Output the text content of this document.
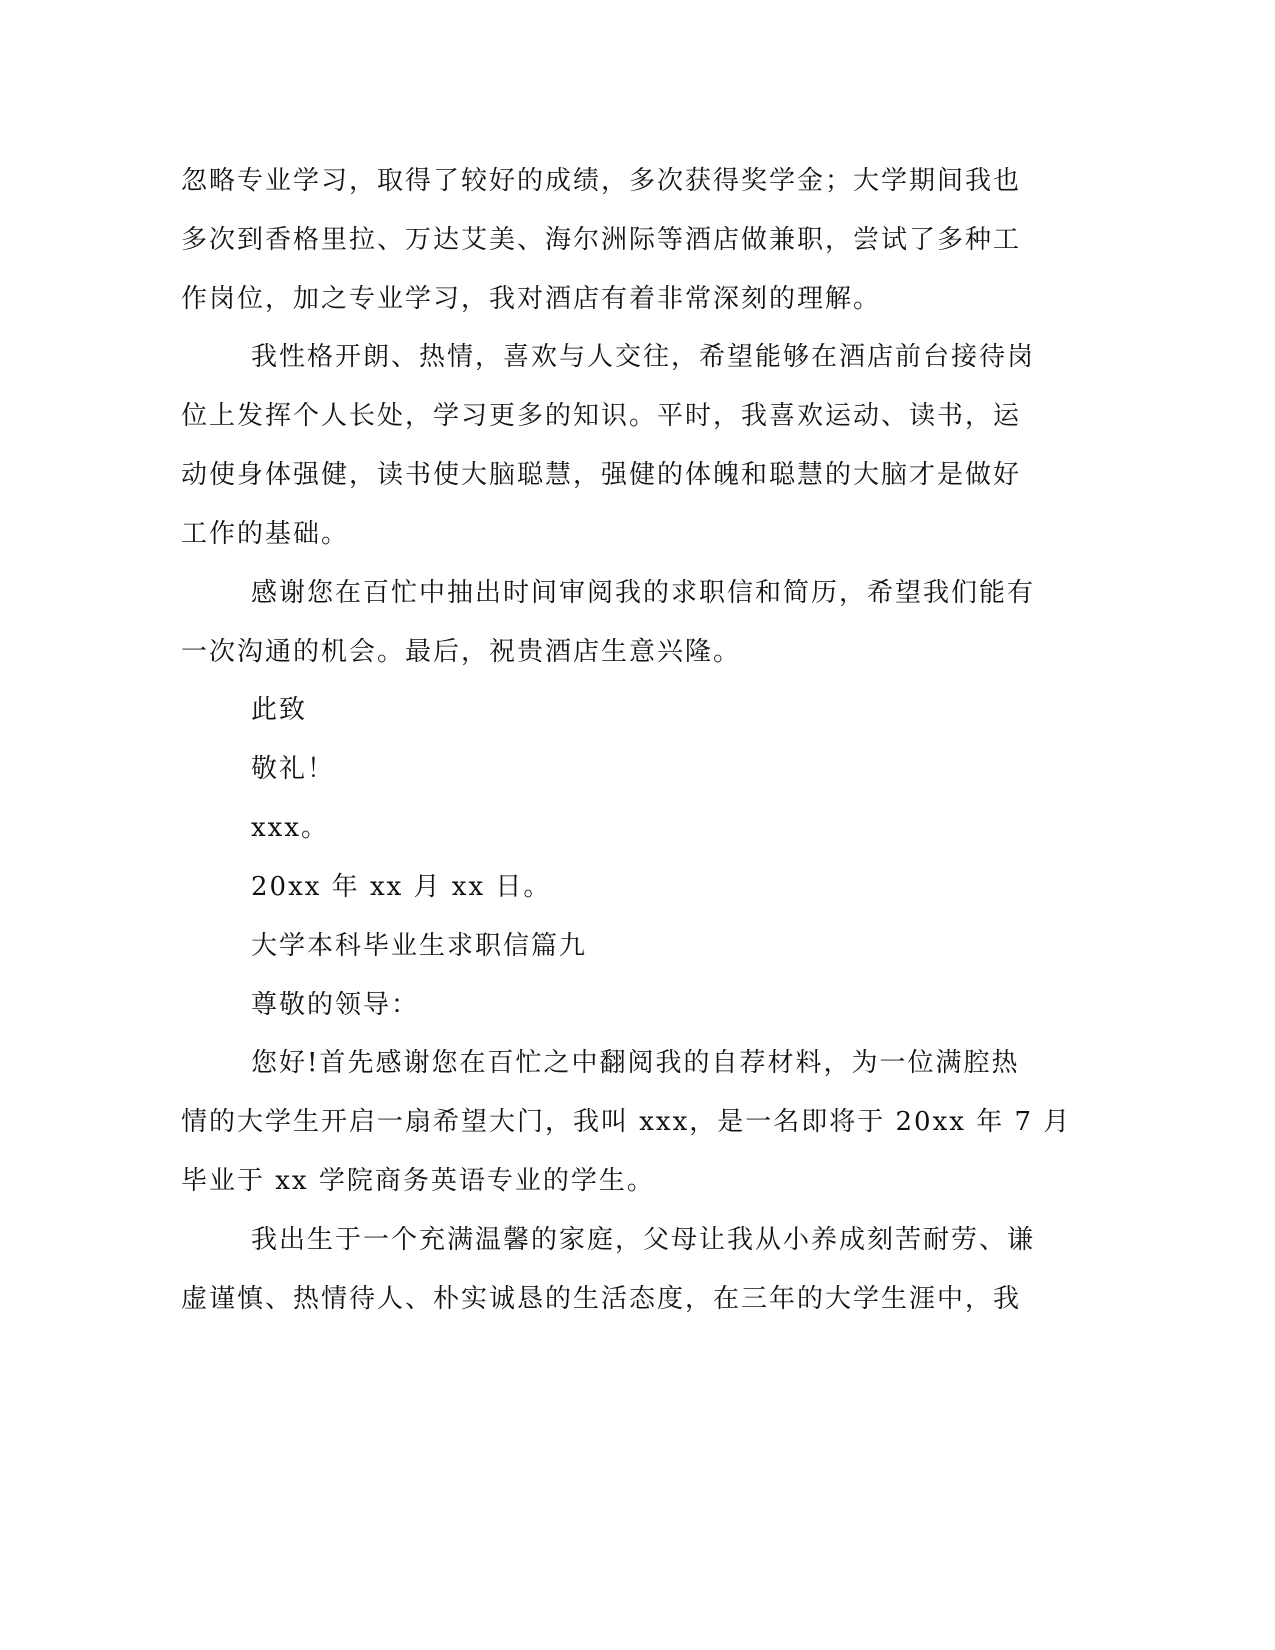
忽略专业学习，取得了较好的成绩，多次获得奖学金；大学期间我也
多次到香格里拉、万达艾美、海尔洲际等酒店做兼职，尝试了多种工
作岗位，加之专业学习，我对酒店有着非常深刻的理解。
我性格开朗、热情，喜欢与人交往，希望能够在酒店前台接待岗
位上发挥个人长处，学习更多的知识。平时，我喜欢运动、读书，运
动使身体强健，读书使大脑聪慧，强健的体魄和聪慧的大脑才是做好
工作的基础。
感谢您在百忙中抽出时间审阅我的求职信和简历，希望我们能有
一次沟通的机会。最后，祝贵酒店生意兴隆。
此致
敬礼！
xxx。
20xx 年 xx 月 xx 日。
大学本科毕业生求职信篇九
尊敬的领导：
您好!首先感谢您在百忙之中翻阅我的自荐材料，为一位满腔热
情的大学生开启一扇希望大门，我叫 xxx，是一名即将于 20xx 年 7 月
毕业于 xx 学院商务英语专业的学生。
我出生于一个充满温馨的家庭，父母让我从小养成刻苦耐劳、谦
虚谨慎、热情待人、朴实诚恳的生活态度，在三年的大学生涯中，我
